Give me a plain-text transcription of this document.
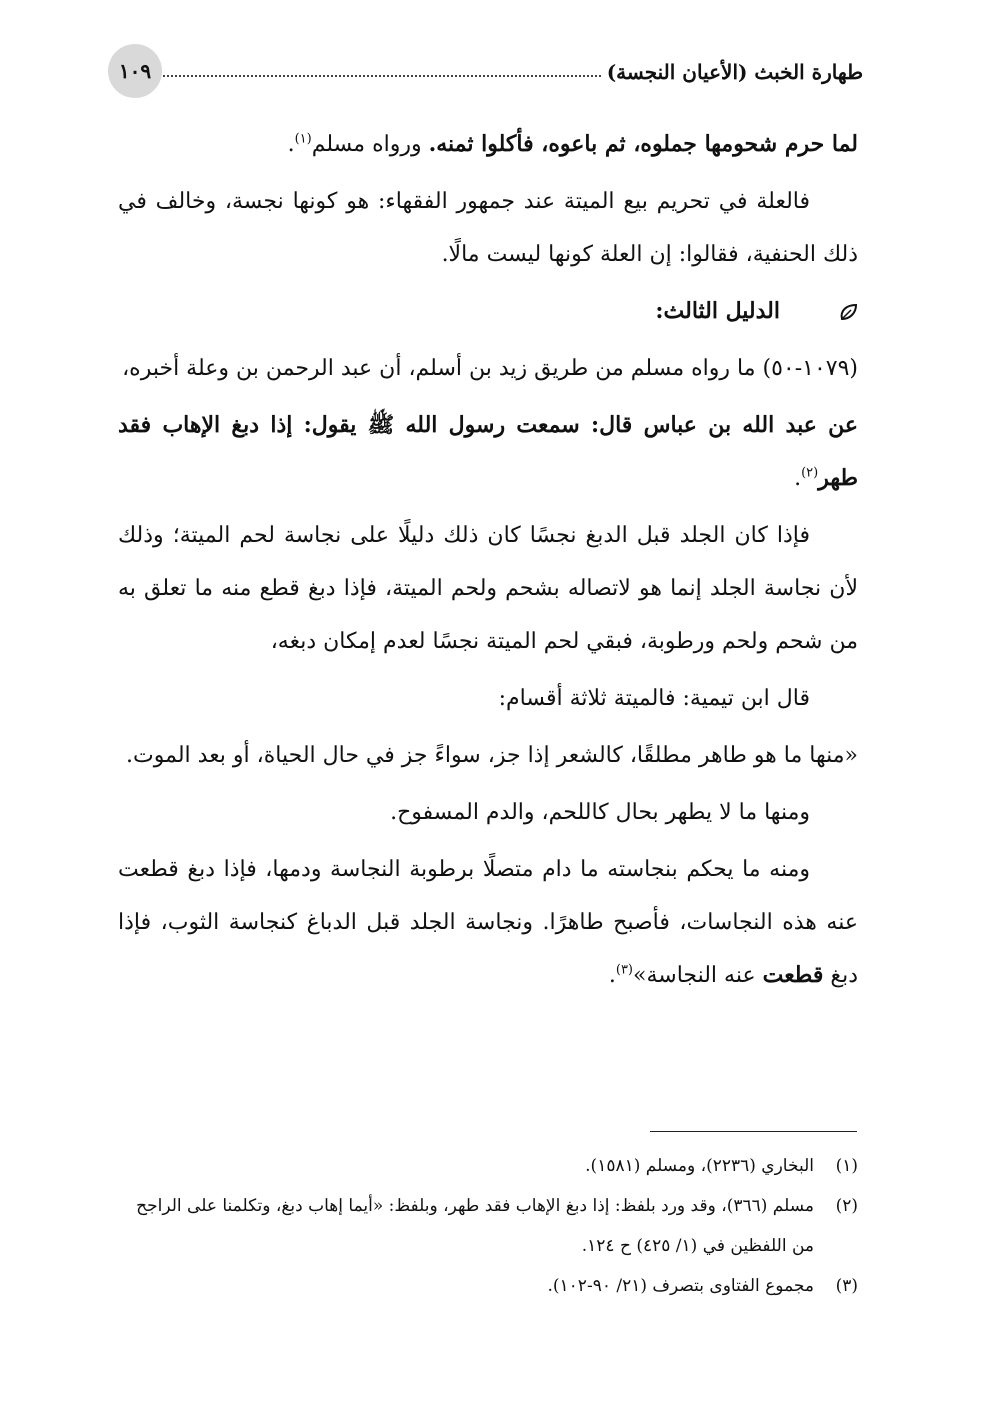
طهارة الخبث (الأعيان النجسة)
١٠٩

لما حرم شحومها جملوه، ثم باعوه، فأكلوا ثمنه. ورواه مسلم$^{(١)}$.

فالعلة في تحريم بيع الميتة عند جمهور الفقهاء: هو كونها نجسة، وخالف في ذلك الحنفية، فقالوا: إن العلة كونها ليست مالًا.

الدليل الثالث:

(١٠٧٩-٥٠) ما رواه مسلم من طريق زيد بن أسلم، أن عبد الرحمن بن وعلة أخبره،

عن عبد الله بن عباس قال: سمعت رسول الله ﷺ يقول: إذا دبغ الإهاب فقد طهر$^{(٢)}$.

فإذا كان الجلد قبل الدبغ نجسًا كان ذلك دليلًا على نجاسة لحم الميتة؛ وذلك لأن نجاسة الجلد إنما هو لاتصاله بشحم ولحم الميتة، فإذا دبغ قطع منه ما تعلق به من شحم ولحم ورطوبة، فبقي لحم الميتة نجسًا لعدم إمكان دبغه،

قال ابن تيمية: فالميتة ثلاثة أقسام:

«منها ما هو طاهر مطلقًا، كالشعر إذا جز، سواءً جز في حال الحياة، أو بعد الموت.

ومنها ما لا يطهر بحال كاللحم، والدم المسفوح.

ومنه ما يحكم بنجاسته ما دام متصلًا برطوبة النجاسة ودمها، فإذا دبغ قطعت عنه هذه النجاسات، فأصبح طاهرًا. ونجاسة الجلد قبل الدباغ كنجاسة الثوب، فإذا دبغ قطعت عنه النجاسة»$^{(٣)}$.

(١)
البخاري (٢٢٣٦)، ومسلم (١٥٨١).
(٢)
مسلم (٣٦٦)، وقد ورد بلفظ: إذا دبغ الإهاب فقد طهر، وبلفظ: «أيما إهاب دبغ، وتكلمنا على الراجح من اللفظين في (١/ ٤٢٥) ح ١٢٤.
(٣)
مجموع الفتاوى بتصرف (٢١/ ٩٠-١٠٢).
